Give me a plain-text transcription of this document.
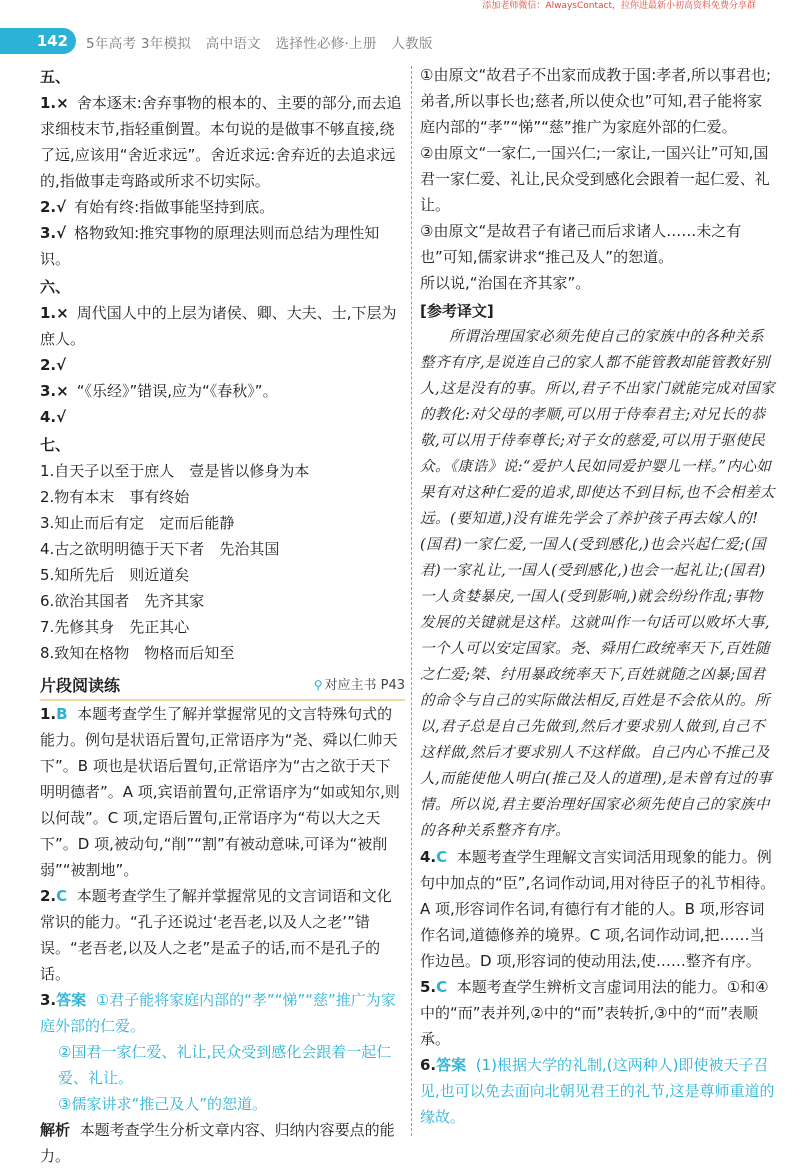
添加老师微信：AlwaysContact，拉你进最新小初高资料免费分享群
142	5年高考 3年模拟 高中语文 选择性必修·上册 人教版

五、

1.× 舍本逐末:舍弃事物的根本的、主要的部分,而去追求细枝末节,指轻重倒置。本句说的是做事不够直接,绕了远,应该用“舍近求远”。舍近求远:舍弃近的去追求远的,指做事走弯路或所求不切实际。

2.√ 有始有终:指做事能坚持到底。

3.√ 格物致知:推究事物的原理法则而总结为理性知识。

六、

1.× 周代国人中的上层为诸侯、卿、大夫、士,下层为庶人。

2.√

3.× “《乐经》”错误,应为“《春秋》”。

4.√

七、

1.自天子以至于庶人　壹是皆以修身为本

2.物有本末　事有终始

3.知止而后有定　定而后能静

4.古之欲明明德于天下者　先治其国

5.知所先后　则近道矣

6.欲治其国者　先齐其家

7.先修其身　先正其心

8.致知在格物　物格而后知至

片段阅读练	⚲ 对应主书 P43

1.B 本题考查学生了解并掌握常见的文言特殊句式的能力。例句是状语后置句,正常语序为“尧、舜以仁帅天下”。B 项也是状语后置句,正常语序为“古之欲于天下明明德者”。A 项,宾语前置句,正常语序为“如或知尔,则以何哉”。C 项,定语后置句,正常语序为“苟以大之天下”。D 项,被动句,“削”“割”有被动意味,可译为“被削弱”“被割地”。

2.C 本题考查学生了解并掌握常见的文言词语和文化常识的能力。“孔子还说过‘老吾老,以及人之老’”错误。“老吾老,以及人之老”是孟子的话,而不是孔子的话。

3.答案 ①君子能将家庭内部的“孝”“悌”“慈”推广为家庭外部的仁爱。

②国君一家仁爱、礼让,民众受到感化会跟着一起仁爱、礼让。

③儒家讲求“推己及人”的恕道。

解析 本题考查学生分析文章内容、归纳内容要点的能力。

①由原文“故君子不出家而成教于国:孝者,所以事君也;弟者,所以事长也;慈者,所以使众也”可知,君子能将家庭内部的“孝”“悌”“慈”推广为家庭外部的仁爱。

②由原文“一家仁,一国兴仁;一家让,一国兴让”可知,国君一家仁爱、礼让,民众受到感化会跟着一起仁爱、礼让。

③由原文“是故君子有诸己而后求诸人……未之有也”可知,儒家讲求“推己及人”的恕道。

所以说,“治国在齐其家”。

[参考译文]

所谓治理国家必须先使自己的家族中的各种关系整齐有序,是说连自己的家人都不能管教却能管教好别人,这是没有的事。所以,君子不出家门就能完成对国家的教化:对父母的孝顺,可以用于侍奉君主;对兄长的恭敬,可以用于侍奉尊长;对子女的慈爱,可以用于驱使民众。《康诰》说:“爱护人民如同爱护婴儿一样。”内心如果有对这种仁爱的追求,即使达不到目标,也不会相差太远。(要知道,)没有谁先学会了养护孩子再去嫁人的!(国君)一家仁爱,一国人(受到感化,)也会兴起仁爱;(国君)一家礼让,一国人(受到感化,)也会一起礼让;(国君)一人贪婪暴戾,一国人(受到影响,)就会纷纷作乱;事物发展的关键就是这样。这就叫作一句话可以败坏大事,一个人可以安定国家。尧、舜用仁政统率天下,百姓随之仁爱;桀、纣用暴政统率天下,百姓就随之凶暴;国君的命令与自己的实际做法相反,百姓是不会依从的。所以,君子总是自己先做到,然后才要求别人做到,自己不这样做,然后才要求别人不这样做。自己内心不推己及人,而能使他人明白(推己及人的道理),是未曾有过的事情。所以说,君主要治理好国家必须先使自己的家族中的各种关系整齐有序。

4.C 本题考查学生理解文言实词活用现象的能力。例句中加点的“臣”,名词作动词,用对待臣子的礼节相待。A 项,形容词作名词,有德行有才能的人。B 项,形容词作名词,道德修养的境界。C 项,名词作动词,把……当作边邑。D 项,形容词的使动用法,使……整齐有序。

5.C 本题考查学生辨析文言虚词用法的能力。①和④中的“而”表并列,②中的“而”表转折,③中的“而”表顺承。

6.答案 (1)根据大学的礼制,(这两种人)即使被天子召见,也可以免去面向北朝见君王的礼节,这是尊师重道的缘故。
